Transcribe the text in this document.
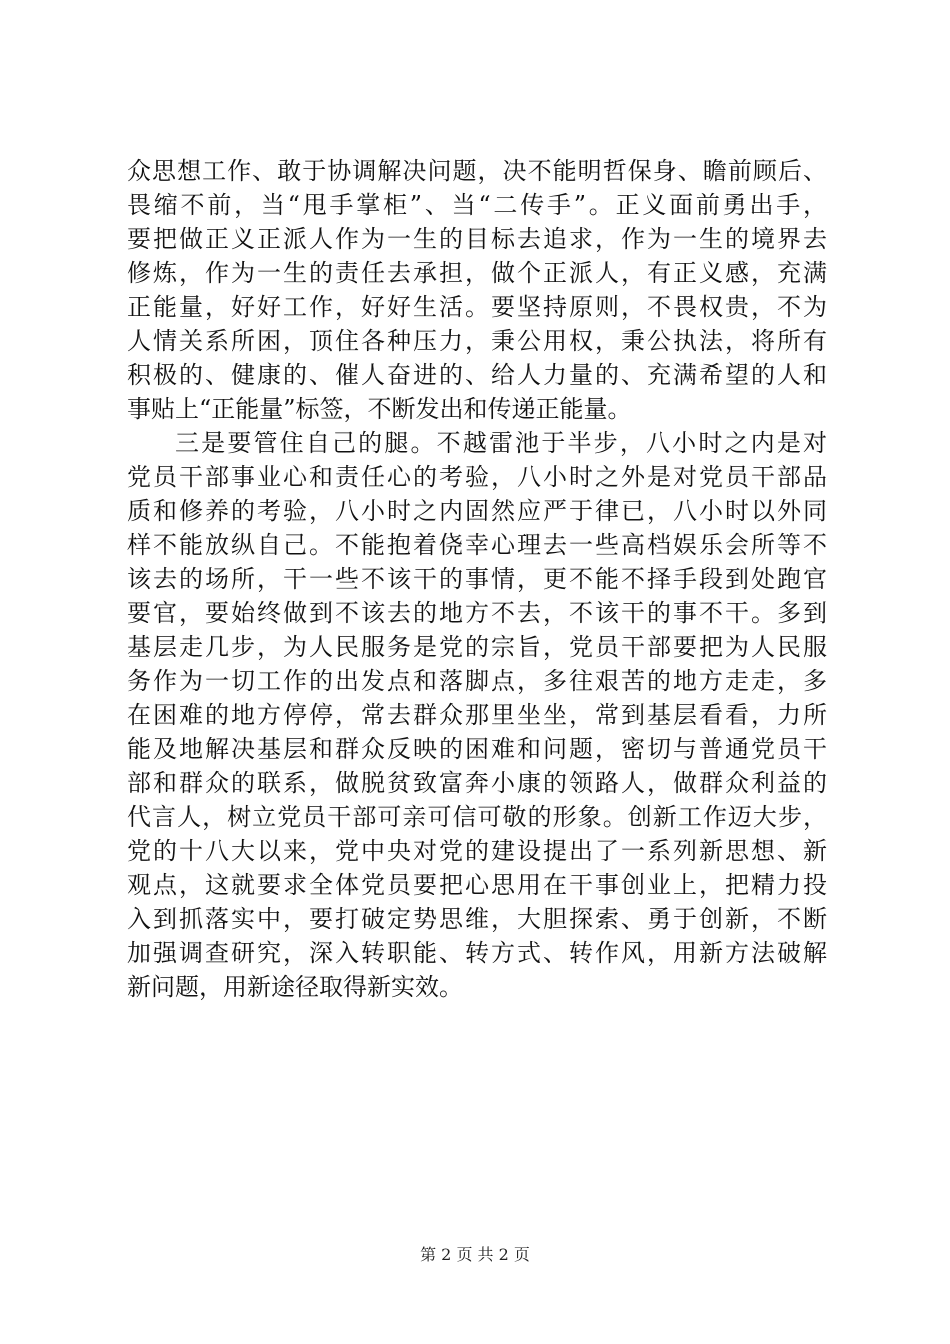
众思想工作、敢于协调解决问题，决不能明哲保身、瞻前顾后、
畏缩不前，当“甩手掌柜”、当“二传手”。正义面前勇出手，
要把做正义正派人作为一生的目标去追求，作为一生的境界去
修炼，作为一生的责任去承担，做个正派人，有正义感，充满
正能量，好好工作，好好生活。要坚持原则，不畏权贵，不为
人情关系所困，顶住各种压力，秉公用权，秉公执法，将所有
积极的、健康的、催人奋进的、给人力量的、充满希望的人和
事贴上“正能量”标签，不断发出和传递正能量。
三是要管住自己的腿。不越雷池于半步，八小时之内是对
党员干部事业心和责任心的考验，八小时之外是对党员干部品
质和修养的考验，八小时之内固然应严于律已，八小时以外同
样不能放纵自己。不能抱着侥幸心理去一些高档娱乐会所等不
该去的场所，干一些不该干的事情，更不能不择手段到处跑官
要官，要始终做到不该去的地方不去，不该干的事不干。多到
基层走几步，为人民服务是党的宗旨，党员干部要把为人民服
务作为一切工作的出发点和落脚点，多往艰苦的地方走走，多
在困难的地方停停，常去群众那里坐坐，常到基层看看，力所
能及地解决基层和群众反映的困难和问题，密切与普通党员干
部和群众的联系，做脱贫致富奔小康的领路人，做群众利益的
代言人，树立党员干部可亲可信可敬的形象。创新工作迈大步，
党的十八大以来，党中央对党的建设提出了一系列新思想、新
观点，这就要求全体党员要把心思用在干事创业上，把精力投
入到抓落实中，要打破定势思维，大胆探索、勇于创新，不断
加强调查研究，深入转职能、转方式、转作风，用新方法破解
新问题，用新途径取得新实效。
第 2 页 共 2 页
